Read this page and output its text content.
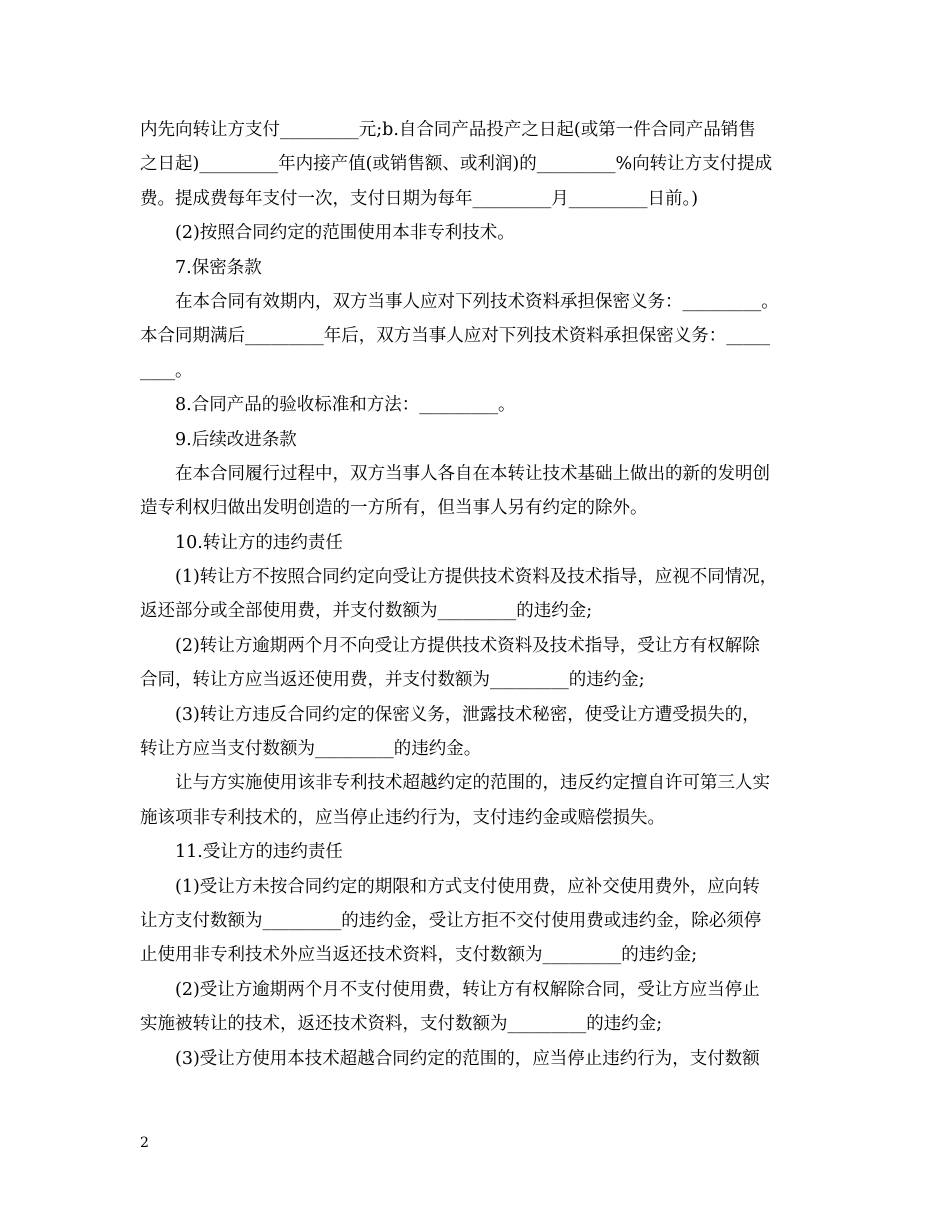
内先向转让方支付_________元;b.自合同产品投产之日起(或第一件合同产品销售
之日起)_________年内接产值(或销售额、或利润)的_________%向转让方支付提成
费。提成费每年支付一次，支付日期为每年_________月_________日前。)
(2)按照合同约定的范围使用本非专利技术。
7.保密条款
在本合同有效期内，双方当事人应对下列技术资料承担保密义务：_________。
本合同期满后_________年后，双方当事人应对下列技术资料承担保密义务：_____
____。
8.合同产品的验收标准和方法：_________。
9.后续改进条款
在本合同履行过程中，双方当事人各自在本转让技术基础上做出的新的发明创
造专利权归做出发明创造的一方所有，但当事人另有约定的除外。
10.转让方的违约责任
(1)转让方不按照合同约定向受让方提供技术资料及技术指导，应视不同情况，
返还部分或全部使用费，并支付数额为_________的违约金;
(2)转让方逾期两个月不向受让方提供技术资料及技术指导，受让方有权解除
合同，转让方应当返还使用费，并支付数额为_________的违约金;
(3)转让方违反合同约定的保密义务，泄露技术秘密，使受让方遭受损失的，
转让方应当支付数额为_________的违约金。
让与方实施使用该非专利技术超越约定的范围的，违反约定擅自许可第三人实
施该项非专利技术的，应当停止违约行为，支付违约金或赔偿损失。
11.受让方的违约责任
(1)受让方未按合同约定的期限和方式支付使用费，应补交使用费外，应向转
让方支付数额为_________的违约金，受让方拒不交付使用费或违约金，除必须停
止使用非专利技术外应当返还技术资料，支付数额为_________的违约金;
(2)受让方逾期两个月不支付使用费，转让方有权解除合同，受让方应当停止
实施被转让的技术，返还技术资料，支付数额为_________的违约金;
(3)受让方使用本技术超越合同约定的范围的，应当停止违约行为，支付数额
2
